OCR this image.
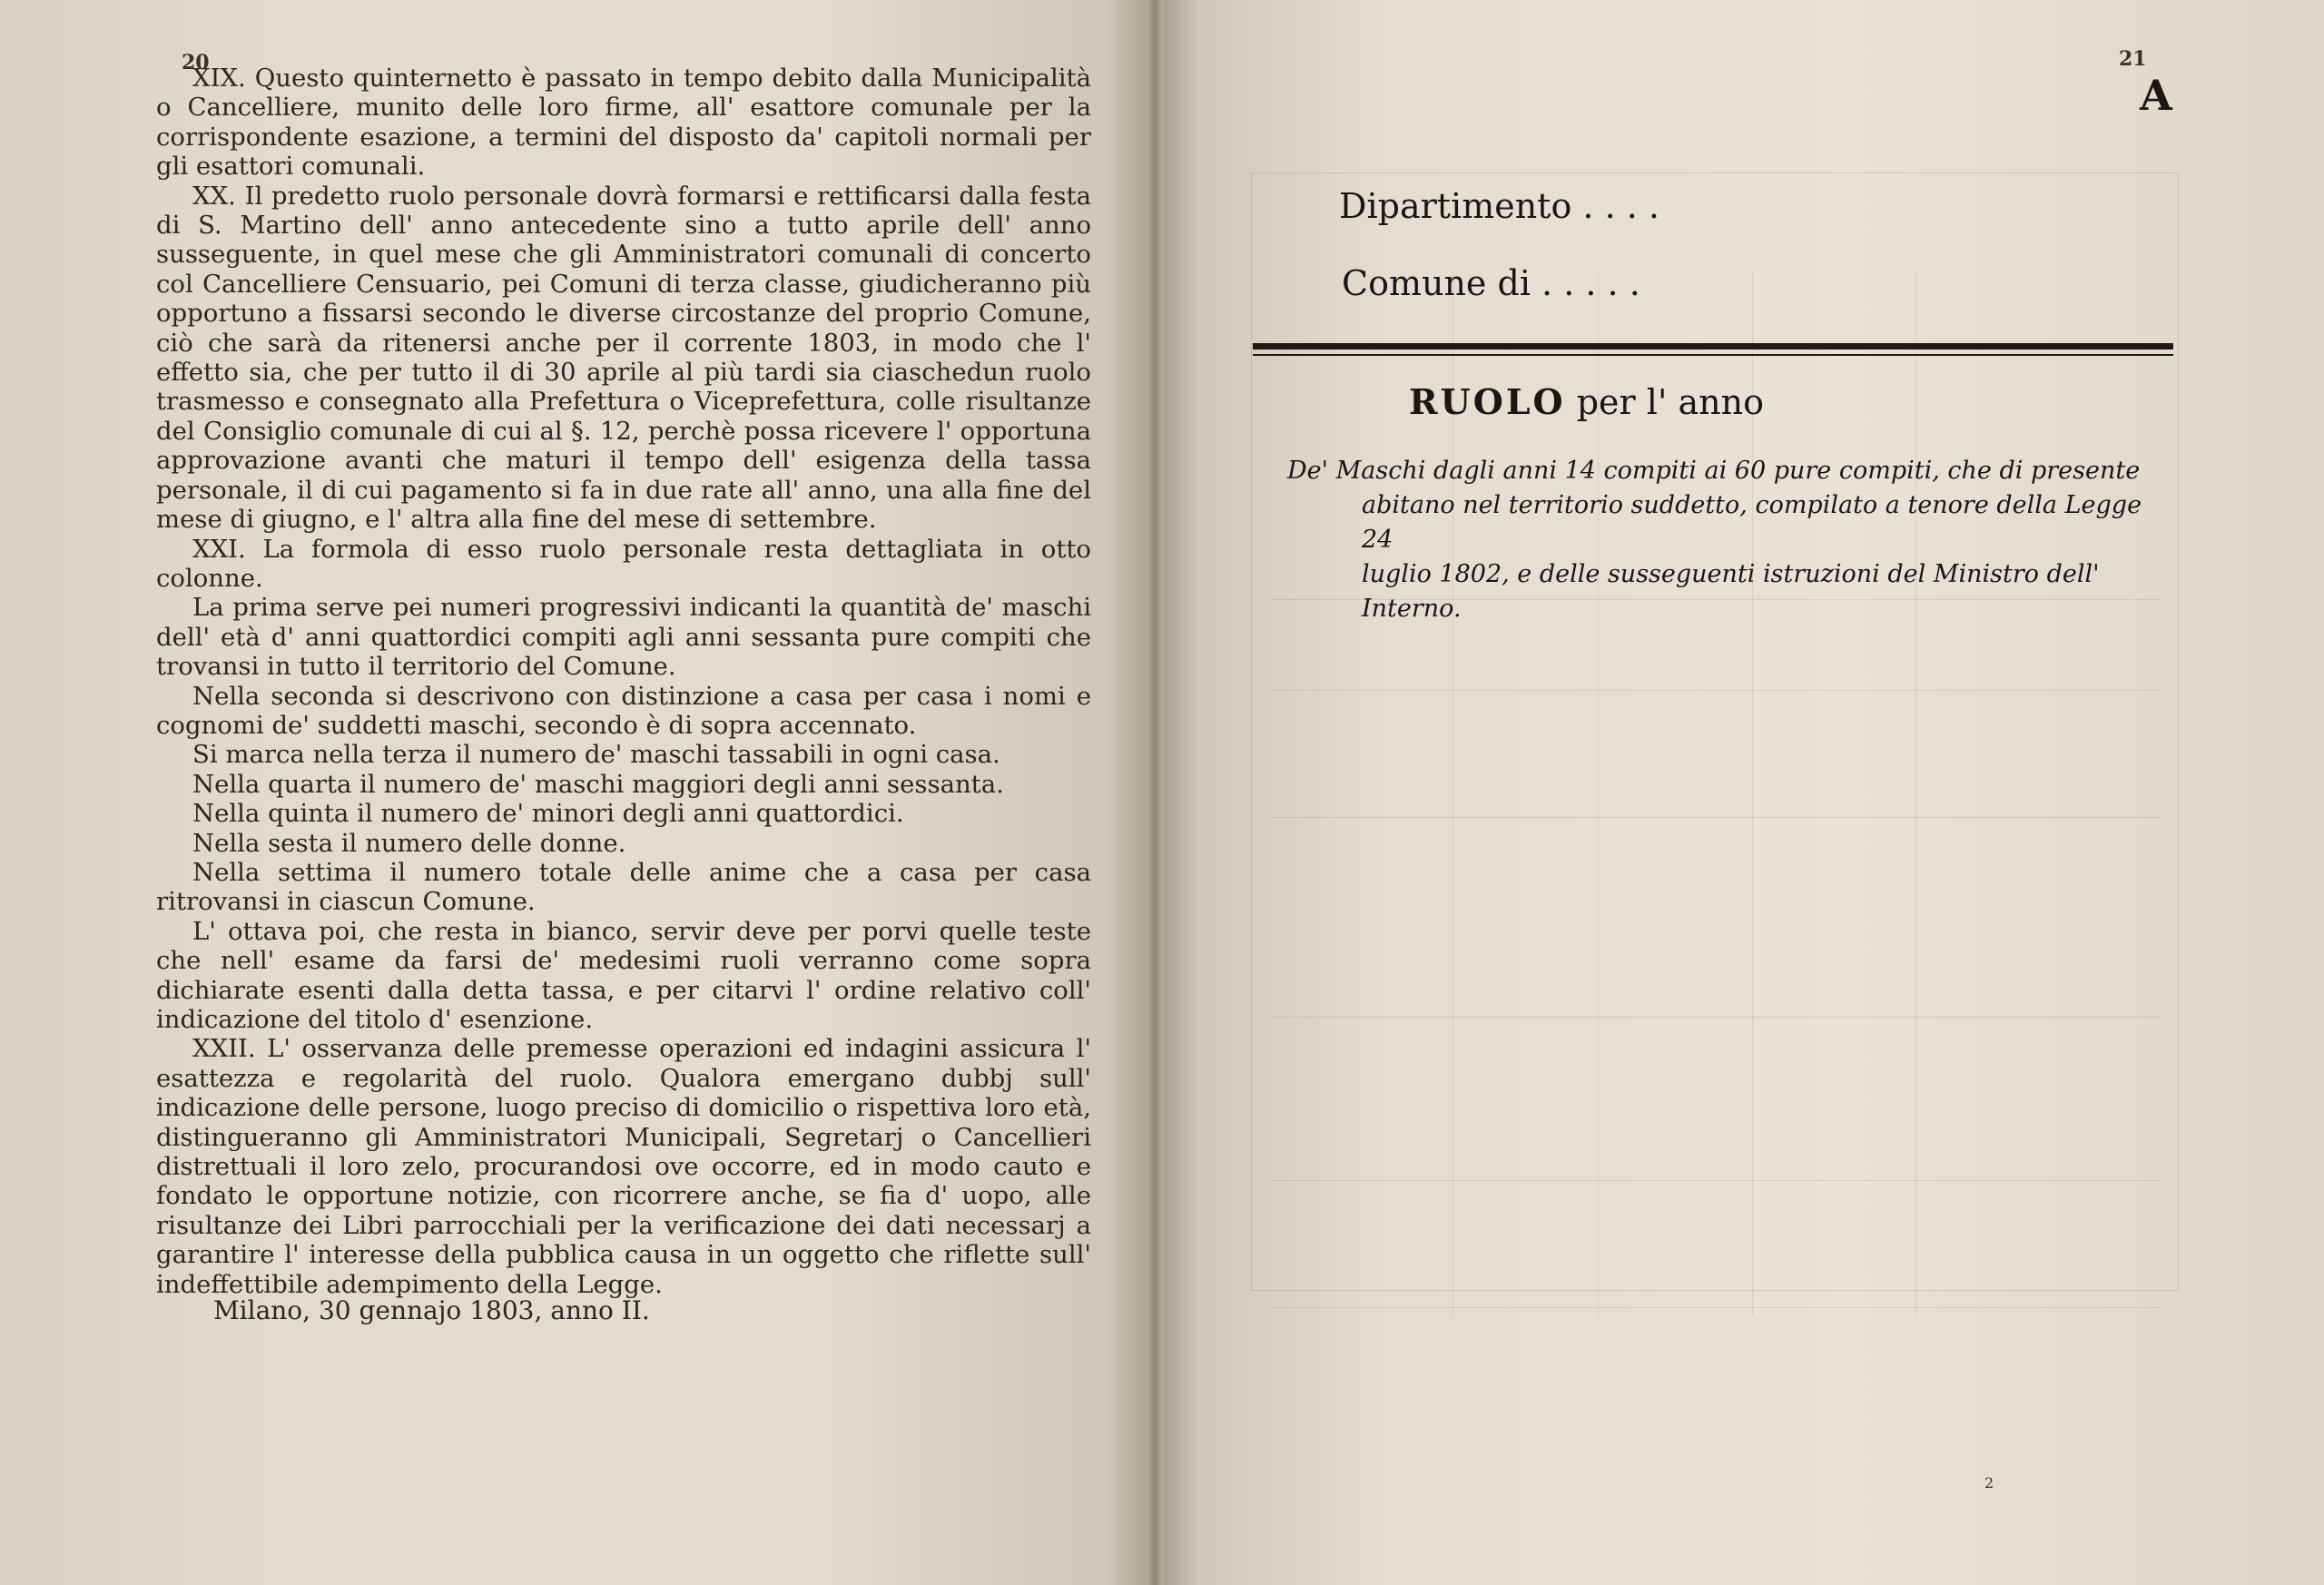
20

XIX. Questo quinternetto è passato in tempo debito dalla Municipalità o Cancelliere, munito delle loro firme, all' esattore comunale per la corrispondente esazione, a termini del disposto da' capitoli normali per gli esattori comunali.

XX. Il predetto ruolo personale dovrà formarsi e rettificarsi dalla festa di S. Martino dell' anno antecedente sino a tutto aprile dell' anno susseguente, in quel mese che gli Amministratori comunali di concerto col Cancelliere Censuario, pei Comuni di terza classe, giudicheranno più opportuno a fissarsi secondo le diverse circostanze del proprio Comune, ciò che sarà da ritenersi anche per il corrente 1803, in modo che l' effetto sia, che per tutto il di 30 aprile al più tardi sia ciaschedun ruolo trasmesso e consegnato alla Prefettura o Viceprefettura, colle risultanze del Consiglio comunale di cui al §. 12, perchè possa ricevere l' opportuna approvazione avanti che maturi il tempo dell' esigenza della tassa personale, il di cui pagamento si fa in due rate all' anno, una alla fine del mese di giugno, e l' altra alla fine del mese di settembre.

XXI. La formola di esso ruolo personale resta dettagliata in otto colonne.

La prima serve pei numeri progressivi indicanti la quantità de' maschi dell' età d' anni quattordici compiti agli anni sessanta pure compiti che trovansi in tutto il territorio del Comune.

Nella seconda si descrivono con distinzione a casa per casa i nomi e cognomi de' suddetti maschi, secondo è di sopra accennato.

Si marca nella terza il numero de' maschi tassabili in ogni casa.

Nella quarta il numero de' maschi maggiori degli anni sessanta.

Nella quinta il numero de' minori degli anni quattordici.

Nella sesta il numero delle donne.

Nella settima il numero totale delle anime che a casa per casa ritrovansi in ciascun Comune.

L' ottava poi, che resta in bianco, servir deve per porvi quelle teste che nell' esame da farsi de' medesimi ruoli verranno come sopra dichiarate esenti dalla detta tassa, e per citarvi l' ordine relativo coll' indicazione del titolo d' esenzione.

XXII. L' osservanza delle premesse operazioni ed indagini assicura l' esattezza e regolarità del ruolo. Qualora emergano dubbj sull' indicazione delle persone, luogo preciso di domicilio o rispettiva loro età, distingueranno gli Amministratori Municipali, Segretarj o Cancellieri distrettuali il loro zelo, procurandosi ove occorre, ed in modo cauto e fondato le opportune notizie, con ricorrere anche, se fia d' uopo, alle risultanze dei Libri parrocchiali per la verificazione dei dati necessarj a garantire l' interesse della pubblica causa in un oggetto che riflette sull' indeffettibile adempimento della Legge.

Milano, 30 gennajo 1803, anno II.
21
A
Dipartimento . . . .
Comune di . . . . .
RUOLO per l' anno
De' Maschi dagli anni 14 compiti ai 60 pure compiti, che di presente
abitano nel territorio suddetto, compilato a tenore della Legge 24
luglio 1802, e delle susseguenti istruzioni del Ministro dell' Interno.
2
